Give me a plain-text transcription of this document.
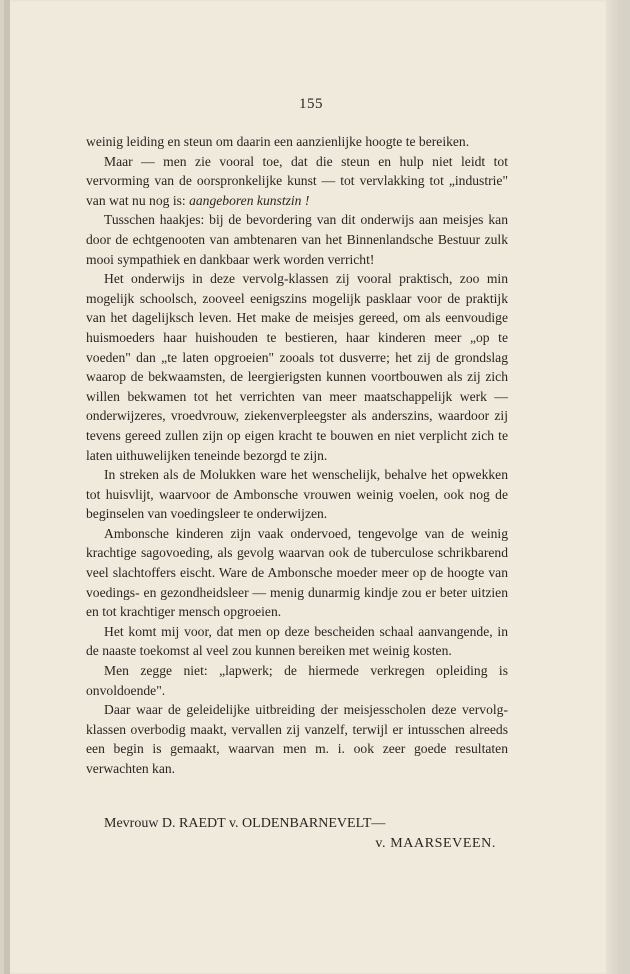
155

weinig leiding en steun om daarin een aanzienlijke hoogte te bereiken.

Maar — men zie vooral toe, dat die steun en hulp niet leidt tot vervorming van de oorspronkelijke kunst — tot vervlakking tot „industrie" van wat nu nog is: aangeboren kunstzin !

Tusschen haakjes: bij de bevordering van dit onderwijs aan meisjes kan door de echtgenooten van ambtenaren van het Binnenlandsche Bestuur zulk mooi sympathiek en dankbaar werk worden verricht!

Het onderwijs in deze vervolg-klassen zij vooral praktisch, zoo min mogelijk schoolsch, zooveel eenigszins mogelijk pasklaar voor de praktijk van het dagelijksch leven. Het make de meisjes gereed, om als eenvoudige huismoeders haar huishouden te bestieren, haar kinderen meer „op te voeden" dan „te laten opgroeien" zooals tot dusverre; het zij de grondslag waarop de bekwaamsten, de leergierigsten kunnen voortbouwen als zij zich willen bekwamen tot het verrichten van meer maatschappelijk werk — onderwijzeres, vroedvrouw, ziekenverpleegster als anderszins, waardoor zij tevens gereed zullen zijn op eigen kracht te bouwen en niet verplicht zich te laten uithuwelijken teneinde bezorgd te zijn.

In streken als de Molukken ware het wenschelijk, behalve het opwekken tot huisvlijt, waarvoor de Ambonsche vrouwen weinig voelen, ook nog de beginselen van voedingsleer te onderwijzen.

Ambonsche kinderen zijn vaak ondervoed, tengevolge van de weinig krachtige sagovoeding, als gevolg waarvan ook de tuberculose schrikbarend veel slachtoffers eischt. Ware de Ambonsche moeder meer op de hoogte van voedings- en gezondheidsleer — menig dunarmig kindje zou er beter uitzien en tot krachtiger mensch opgroeien.

Het komt mij voor, dat men op deze bescheiden schaal aanvangende, in de naaste toekomst al veel zou kunnen bereiken met weinig kosten.

Men zegge niet: „lapwerk; de hiermede verkregen opleiding is onvoldoende".

Daar waar de geleidelijke uitbreiding der meisjesscholen deze vervolg-klassen overbodig maakt, vervallen zij vanzelf, terwijl er intusschen alreeds een begin is gemaakt, waarvan men m. i. ook zeer goede resultaten verwachten kan.

Mevrouw D. RAEDT v. OLDENBARNEVELT—
v. MAARSEVEEN.
